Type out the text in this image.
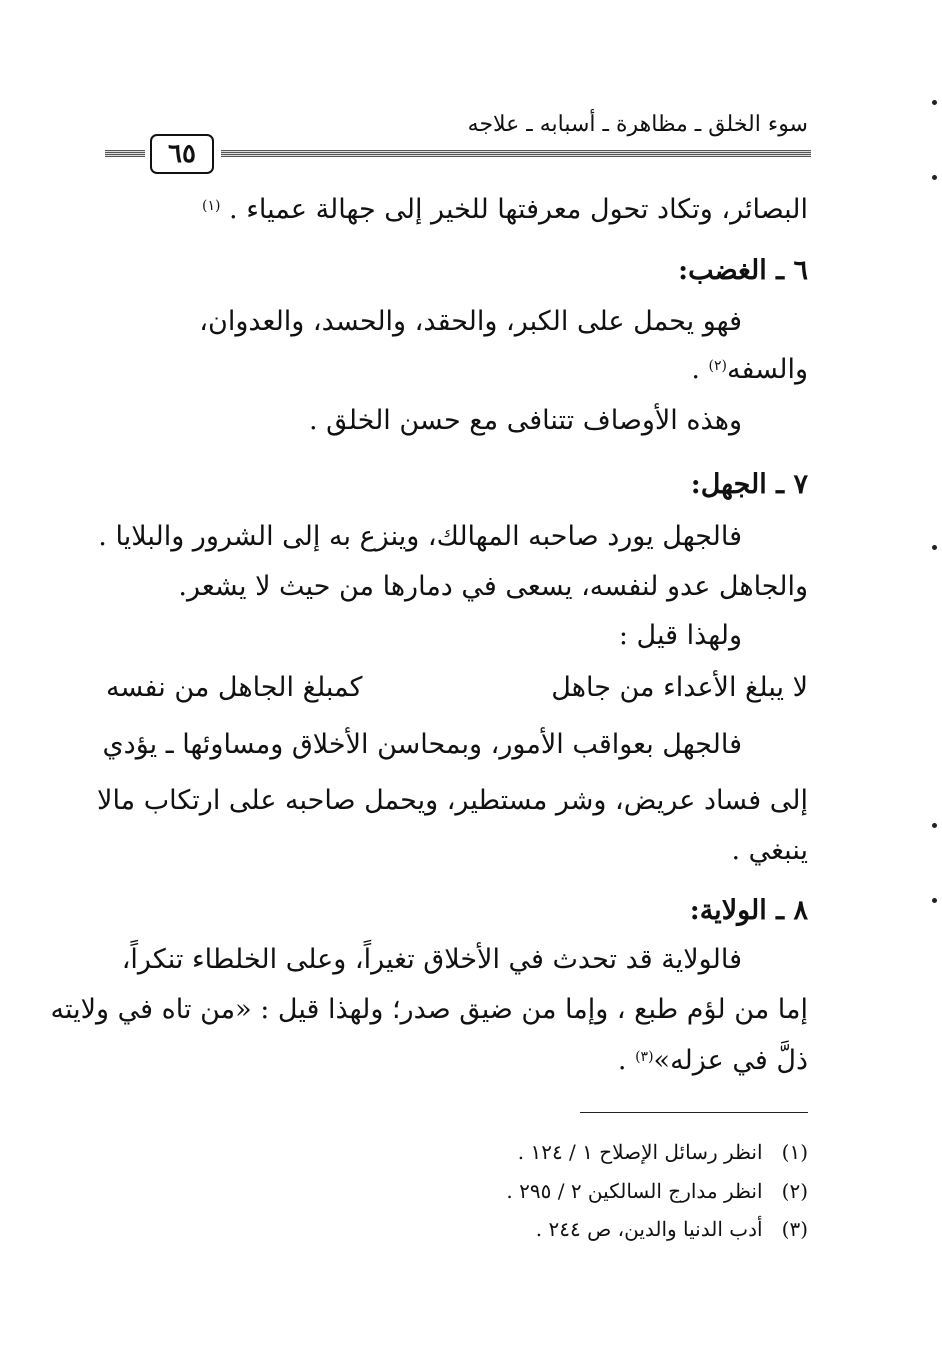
سوء الخلق ـ مظاهرة ـ أسبابه ـ علاجه
٦٥
البصائر، وتكاد تحول معرفتها للخير إلى جهالة عمياء . $^{(١)}$
٦ ـ الغضب:
فهو يحمل على الكبر، والحقد، والحسد، والعدوان،
والسفه$^{(٢)}$ .
وهذه الأوصاف تتنافى مع حسن الخلق .
٧ ـ الجهل:
فالجهل يورد صاحبه المهالك، وينزع به إلى الشرور والبلايا .
والجاهل عدو لنفسه، يسعى في دمارها من حيث لا يشعر.
ولهذا قيل :
لا يبلغ الأعداء من جاهل
كمبلغ الجاهل من نفسه
فالجهل بعواقب الأمور، وبمحاسن الأخلاق ومساوئها ـ يؤدي
إلى فساد عريض، وشر مستطير، ويحمل صاحبه على ارتكاب مالا
ينبغي .
٨ ـ الولاية:
فالولاية قد تحدث في الأخلاق تغيراً، وعلى الخلطاء تنكراً،
إما من لؤم طبع ، وإما من ضيق صدر؛ ولهذا قيل : «من تاه في ولايته
ذلَّ في عزله»$^{(٣)}$ .
(١)   انظر رسائل الإصلاح ١ / ١٢٤ .
(٢)   انظر مدارج السالكين ٢ / ٢٩٥ .
(٣)   أدب الدنيا والدين، ص ٢٤٤ .
